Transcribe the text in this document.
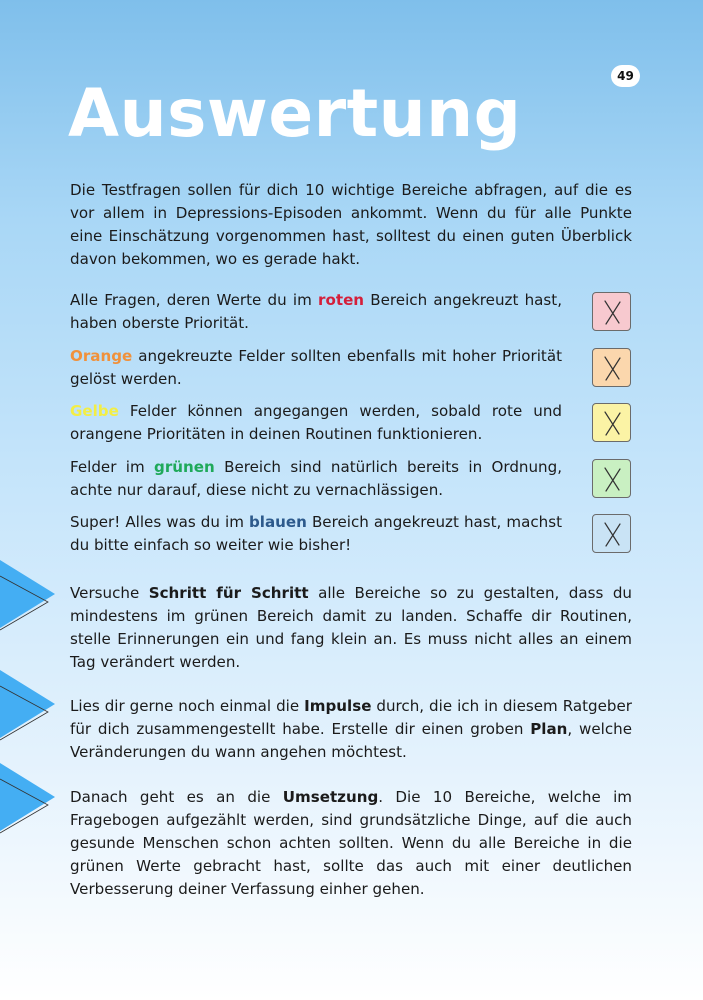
49
Auswertung

Die Testfragen sollen für dich 10 wichtige Bereiche abfragen, auf die es vor allem in Depressions-Episoden ankommt. Wenn du für alle Punkte eine Einschätzung vorgenommen hast, solltest du einen guten Überblick davon bekommen, wo es gerade hakt.

Alle Fragen, deren Werte du im roten Bereich angekreuzt hast, haben oberste Priorität.

Orange angekreuzte Felder sollten ebenfalls mit hoher Priorität gelöst werden.

Gelbe Felder können angegangen werden, sobald rote und orangene Prioritäten in deinen Routinen funktionieren.

Felder im grünen Bereich sind natürlich bereits in Ordnung, achte nur darauf, diese nicht zu vernachlässigen.

Super! Alles was du im blauen Bereich angekreuzt hast, machst du bitte einfach so weiter wie bisher!

Versuche Schritt für Schritt alle Bereiche so zu gestalten, dass du mindestens im grünen Bereich damit zu landen. Schaffe dir Routinen, stelle Erinnerungen ein und fang klein an. Es muss nicht alles an einem Tag verändert werden.

Lies dir gerne noch einmal die Impulse durch, die ich in diesem Ratgeber für dich zusammengestellt habe. Erstelle dir einen groben Plan, welche Veränderungen du wann angehen möchtest.

Danach geht es an die Umsetzung. Die 10 Bereiche, welche im Fragebogen aufgezählt werden, sind grundsätzliche Dinge, auf die auch gesunde Menschen schon achten sollten. Wenn du alle Bereiche in die grünen Werte gebracht hast, sollte das auch mit einer deutlichen Verbesserung deiner Verfassung einher gehen.
